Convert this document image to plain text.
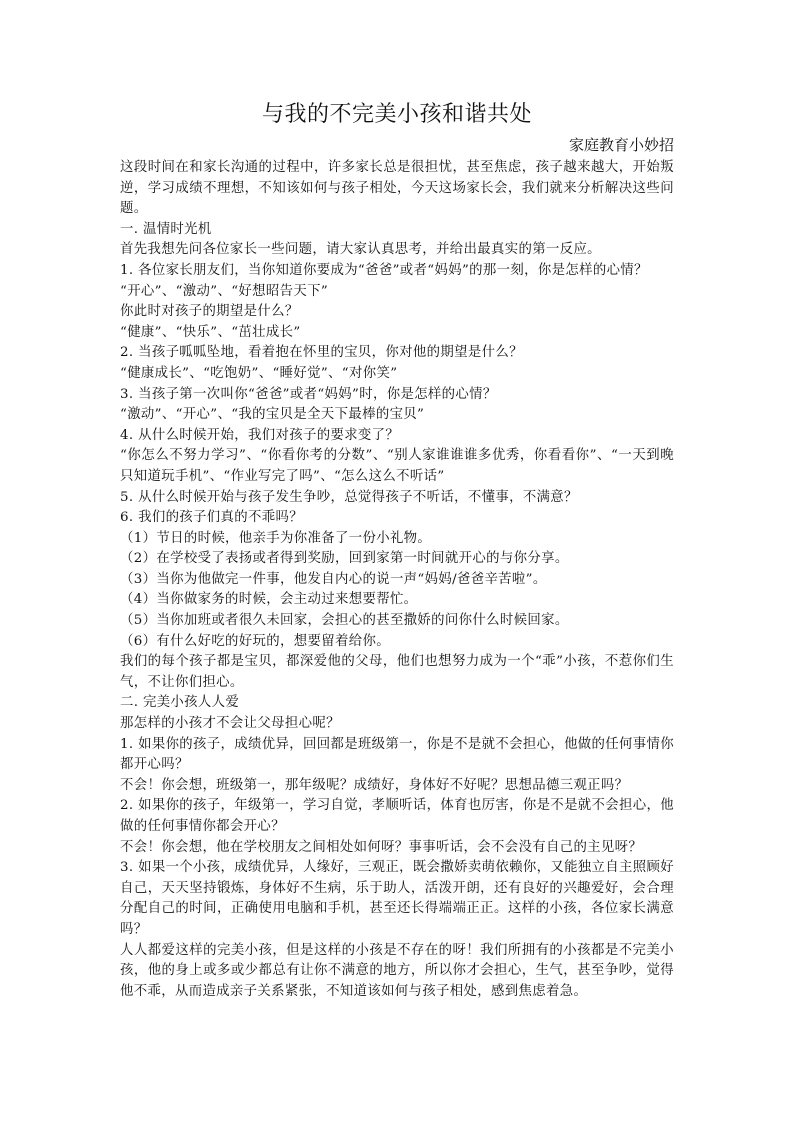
与我的不完美小孩和谐共处
家庭教育小妙招

这段时间在和家长沟通的过程中，许多家长总是很担忧，甚至焦虑，孩子越来越大，开始叛逆，学习成绩不理想，不知该如何与孩子相处，今天这场家长会，我们就来分析解决这些问题。

一. 温情时光机

首先我想先问各位家长一些问题，请大家认真思考，并给出最真实的第一反应。

1. 各位家长朋友们，当你知道你要成为“爸爸”或者“妈妈”的那一刻，你是怎样的心情？

“开心”、“激动”、“好想昭告天下”

你此时对孩子的期望是什么？

“健康”、“快乐”、“茁壮成长”

2. 当孩子呱呱坠地，看着抱在怀里的宝贝，你对他的期望是什么？

“健康成长”、“吃饱奶”、“睡好觉”、“对你笑”

3. 当孩子第一次叫你“爸爸”或者“妈妈”时，你是怎样的心情？

“激动”、“开心”、“我的宝贝是全天下最棒的宝贝”

4. 从什么时候开始，我们对孩子的要求变了？

“你怎么不努力学习”、“你看你考的分数”、“别人家谁谁谁多优秀，你看看你”、“一天到晚只知道玩手机”、“作业写完了吗”、“怎么这么不听话”

5. 从什么时候开始与孩子发生争吵，总觉得孩子不听话，不懂事，不满意？

6. 我们的孩子们真的不乖吗？

（1）节日的时候，他亲手为你准备了一份小礼物。

（2）在学校受了表扬或者得到奖励，回到家第一时间就开心的与你分享。

（3）当你为他做完一件事，他发自内心的说一声“妈妈/爸爸辛苦啦”。

（4）当你做家务的时候，会主动过来想要帮忙。

（5）当你加班或者很久未回家，会担心的甚至撒娇的问你什么时候回家。

（6）有什么好吃的好玩的，想要留着给你。

我们的每个孩子都是宝贝，都深爱他的父母，他们也想努力成为一个“乖”小孩，不惹你们生气，不让你们担心。

二. 完美小孩人人爱

那怎样的小孩才不会让父母担心呢？

1. 如果你的孩子，成绩优异，回回都是班级第一，你是不是就不会担心，他做的任何事情你都开心吗？

不会！你会想，班级第一，那年级呢？成绩好，身体好不好呢？思想品德三观正吗？

2. 如果你的孩子，年级第一，学习自觉，孝顺听话，体育也厉害，你是不是就不会担心，他做的任何事情你都会开心？

不会！你会想，他在学校朋友之间相处如何呀？事事听话，会不会没有自己的主见呀？

3. 如果一个小孩，成绩优异，人缘好，三观正，既会撒娇卖萌依赖你，又能独立自主照顾好自己，天天坚持锻炼，身体好不生病，乐于助人，活泼开朗，还有良好的兴趣爱好，会合理分配自己的时间，正确使用电脑和手机，甚至还长得端端正正。这样的小孩，各位家长满意吗？

人人都爱这样的完美小孩，但是这样的小孩是不存在的呀！我们所拥有的小孩都是不完美小孩，他的身上或多或少都总有让你不满意的地方，所以你才会担心，生气，甚至争吵，觉得他不乖，从而造成亲子关系紧张，不知道该如何与孩子相处，感到焦虑着急。
